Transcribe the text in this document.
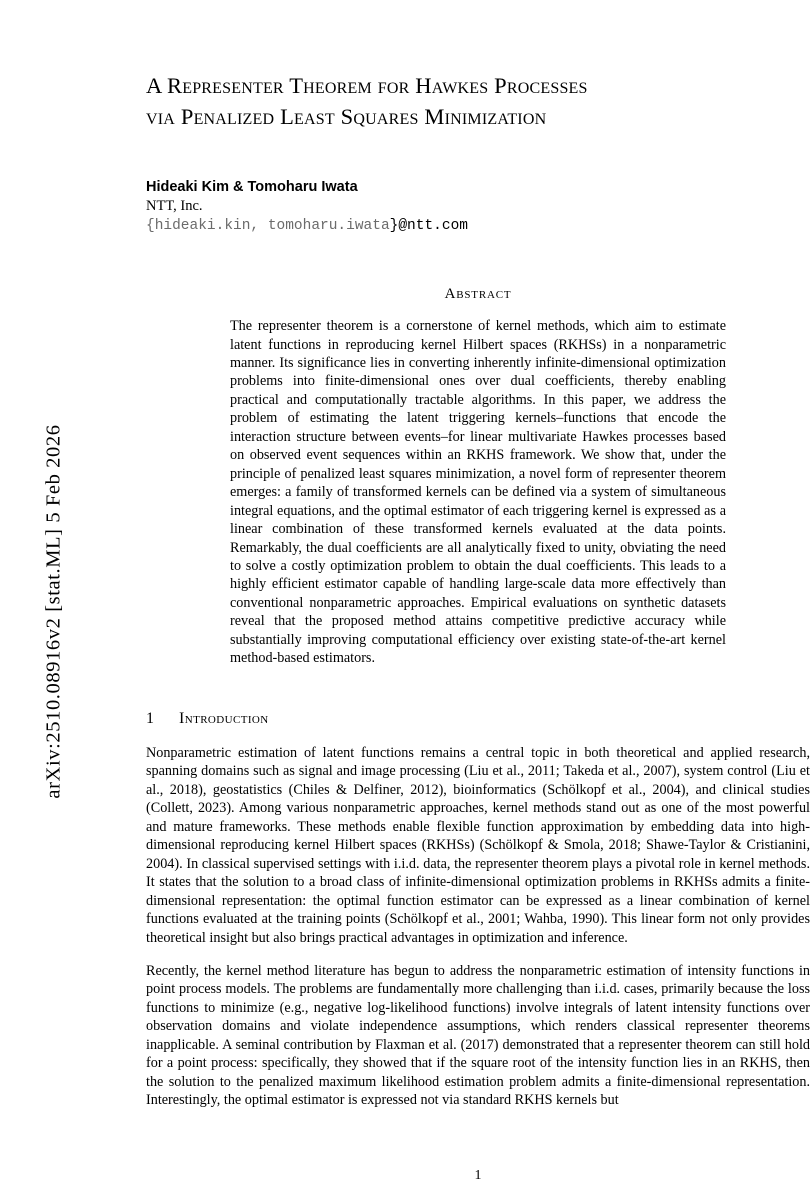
arXiv:2510.08916v2 [stat.ML] 5 Feb 2026
A Representer Theorem for Hawkes Processes
via Penalized Least Squares Minimization
Hideaki Kim & Tomoharu Iwata
NTT, Inc.
{hideaki.kin, tomoharu.iwata}@ntt.com
Abstract
The representer theorem is a cornerstone of kernel methods, which aim to estimate latent functions in reproducing kernel Hilbert spaces (RKHSs) in a nonparametric manner. Its significance lies in converting inherently infinite-dimensional optimization problems into finite-dimensional ones over dual coefficients, thereby enabling practical and computationally tractable algorithms. In this paper, we address the problem of estimating the latent triggering kernels–functions that encode the interaction structure between events–for linear multivariate Hawkes processes based on observed event sequences within an RKHS framework. We show that, under the principle of penalized least squares minimization, a novel form of representer theorem emerges: a family of transformed kernels can be defined via a system of simultaneous integral equations, and the optimal estimator of each triggering kernel is expressed as a linear combination of these transformed kernels evaluated at the data points. Remarkably, the dual coefficients are all analytically fixed to unity, obviating the need to solve a costly optimization problem to obtain the dual coefficients. This leads to a highly efficient estimator capable of handling large-scale data more effectively than conventional nonparametric approaches. Empirical evaluations on synthetic datasets reveal that the proposed method attains competitive predictive accuracy while substantially improving computational efficiency over existing state-of-the-art kernel method-based estimators.
1 Introduction

Nonparametric estimation of latent functions remains a central topic in both theoretical and applied research, spanning domains such as signal and image processing (Liu et al., 2011; Takeda et al., 2007), system control (Liu et al., 2018), geostatistics (Chiles & Delfiner, 2012), bioinformatics (Schölkopf et al., 2004), and clinical studies (Collett, 2023). Among various nonparametric approaches, kernel methods stand out as one of the most powerful and mature frameworks. These methods enable flexible function approximation by embedding data into high-dimensional reproducing kernel Hilbert spaces (RKHSs) (Schölkopf & Smola, 2018; Shawe-Taylor & Cristianini, 2004). In classical supervised settings with i.i.d. data, the representer theorem plays a pivotal role in kernel methods. It states that the solution to a broad class of infinite-dimensional optimization problems in RKHSs admits a finite-dimensional representation: the optimal function estimator can be expressed as a linear combination of kernel functions evaluated at the training points (Schölkopf et al., 2001; Wahba, 1990). This linear form not only provides theoretical insight but also brings practical advantages in optimization and inference.

Recently, the kernel method literature has begun to address the nonparametric estimation of intensity functions in point process models. The problems are fundamentally more challenging than i.i.d. cases, primarily because the loss functions to minimize (e.g., negative log-likelihood functions) involve integrals of latent intensity functions over observation domains and violate independence assumptions, which renders classical representer theorems inapplicable. A seminal contribution by Flaxman et al. (2017) demonstrated that a representer theorem can still hold for a point process: specifically, they showed that if the square root of the intensity function lies in an RKHS, then the solution to the penalized maximum likelihood estimation problem admits a finite-dimensional representation. Interestingly, the optimal estimator is expressed not via standard RKHS kernels but

1
